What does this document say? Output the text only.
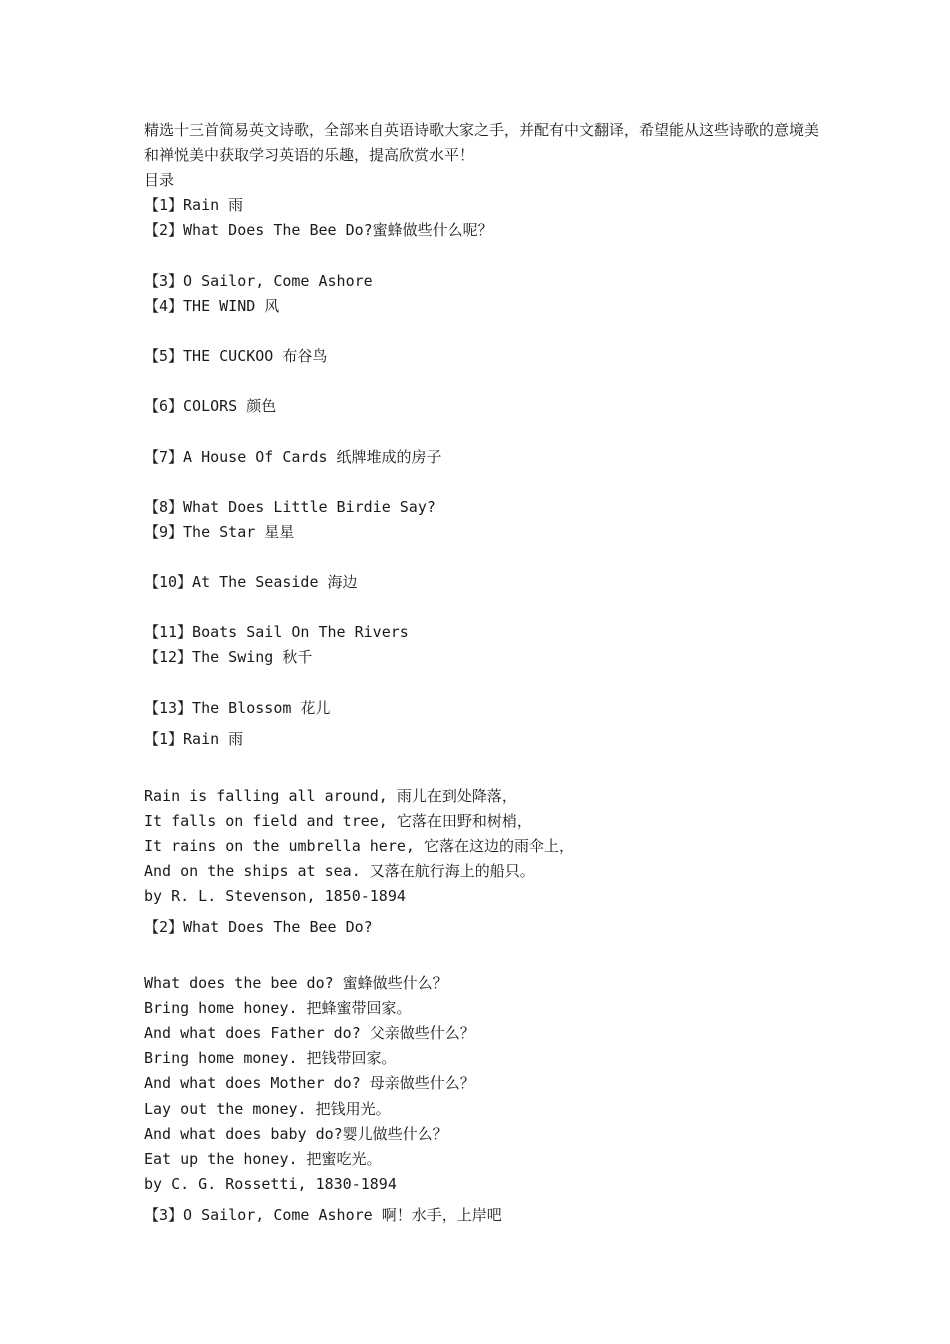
精选十三首简易英文诗歌，全部来自英语诗歌大家之手，并配有中文翻译，希望能从这些诗歌的意境美和禅悦美中获取学习英语的乐趣，提高欣赏水平！
目录
【1】Rain 雨
【2】What Does The Bee Do?蜜蜂做些什么呢？
【3】O Sailor, Come Ashore
【4】THE WIND 风
【5】THE CUCKOO 布谷鸟
【6】COLORS 颜色
【7】A House Of Cards 纸牌堆成的房子
【8】What Does Little Birdie Say?
【9】The Star 星星
【10】At The Seaside 海边
【11】Boats Sail On The Rivers
【12】The Swing 秋千
【13】The Blossom 花儿
【1】Rain 雨
Rain is falling all around, 雨儿在到处降落，
It falls on field and tree, 它落在田野和树梢，
It rains on the umbrella here, 它落在这边的雨伞上，
And on the ships at sea. 又落在航行海上的船只。
by R. L. Stevenson, 1850-1894
【2】What Does The Bee Do?
What does the bee do? 蜜蜂做些什么？
Bring home honey. 把蜂蜜带回家。
And what does Father do? 父亲做些什么？
Bring home money. 把钱带回家。
And what does Mother do? 母亲做些什么？
Lay out the money. 把钱用光。
And what does baby do?婴儿做些什么？
Eat up the honey. 把蜜吃光。
by C. G. Rossetti, 1830-1894
【3】O Sailor, Come Ashore 啊！水手，上岸吧
